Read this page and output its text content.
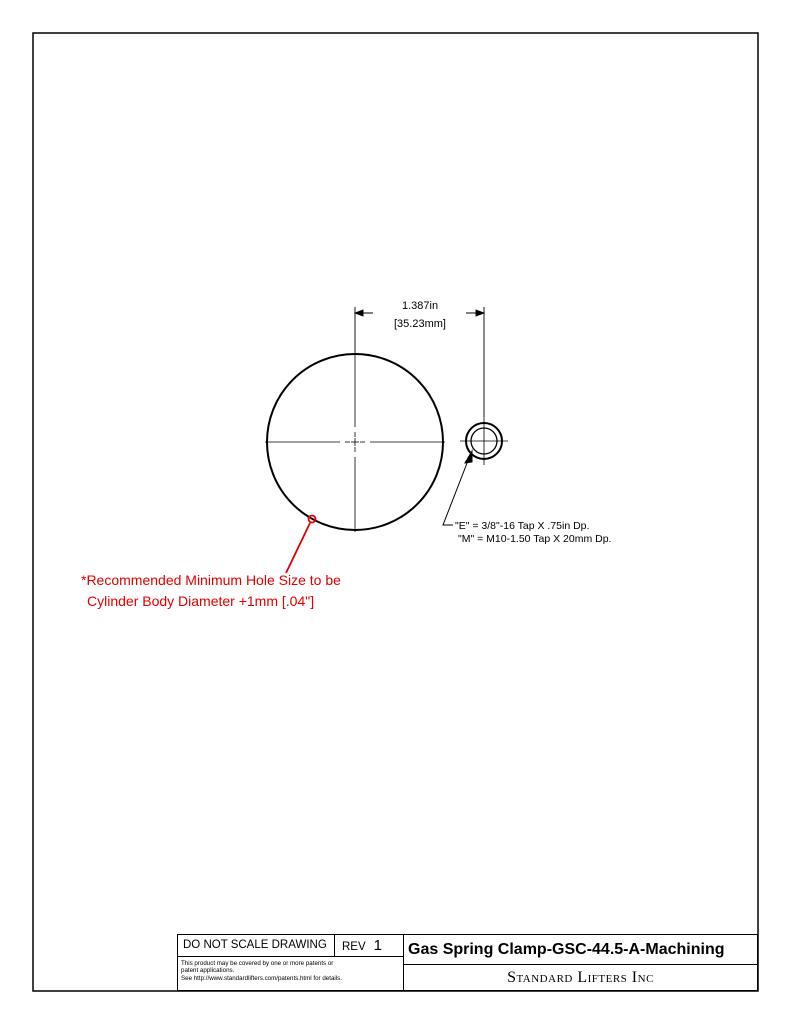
1.387in
[35.23mm]
"E" = 3/8"-16 Tap X .75in Dp.
"M" = M10-1.50 Tap X 20mm Dp.
*Recommended Minimum Hole Size to be
Cylinder Body Diameter +1mm [.04"]
DO NOT SCALE DRAWING	REV 1
This product may be covered by one or more patents or
patent applications.
See http://www.standardlifters.com/patents.html for details.
Gas Spring Clamp-GSC-44.5-A-Machining
Standard Lifters Inc
